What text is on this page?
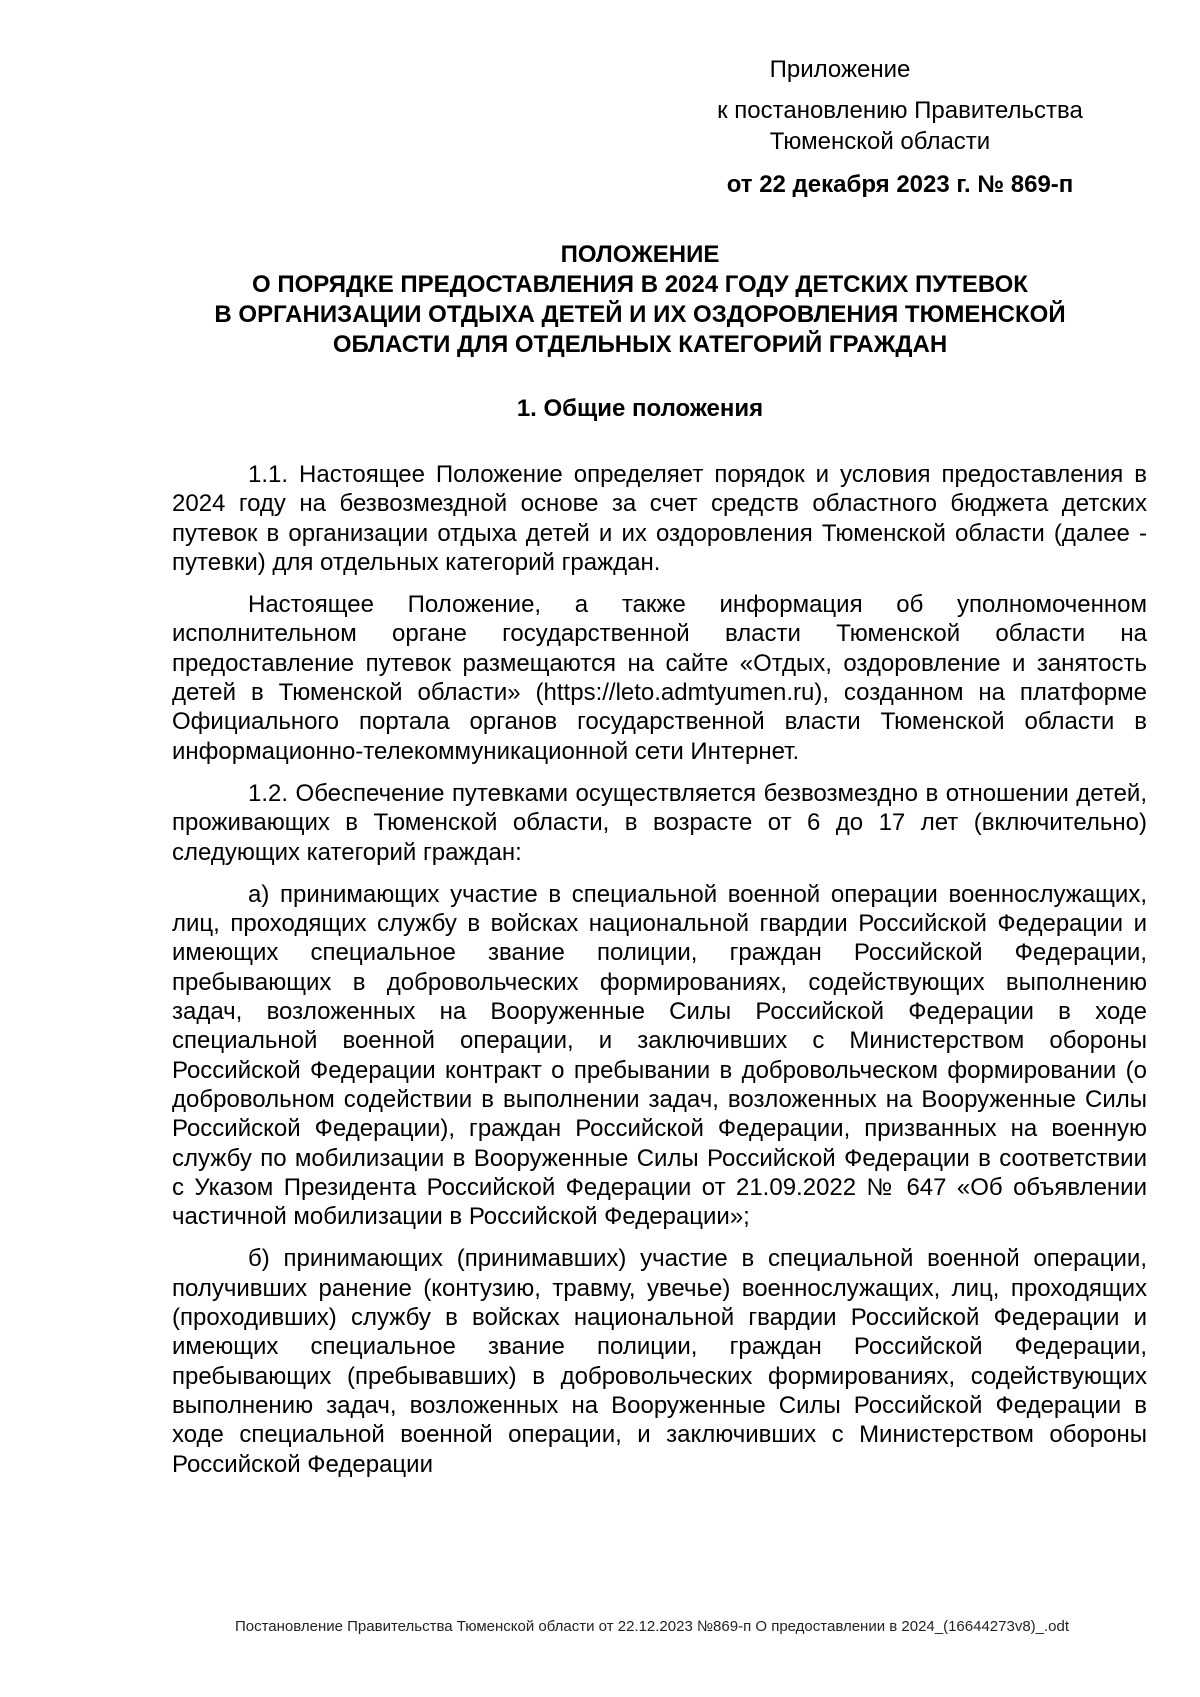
Приложение
к постановлению Правительства
Тюменской области
от 22 декабря 2023 г. № 869-п
ПОЛОЖЕНИЕ
О ПОРЯДКЕ ПРЕДОСТАВЛЕНИЯ В 2024 ГОДУ ДЕТСКИХ ПУТЕВОК
В ОРГАНИЗАЦИИ ОТДЫХА ДЕТЕЙ И ИХ ОЗДОРОВЛЕНИЯ ТЮМЕНСКОЙ
ОБЛАСТИ ДЛЯ ОТДЕЛЬНЫХ КАТЕГОРИЙ ГРАЖДАН
1. Общие положения

1.1. Настоящее Положение определяет порядок и условия предоставления в 2024 году на безвозмездной основе за счет средств областного бюджета детских путевок в организации отдыха детей и их оздоровления Тюменской области (далее - путевки) для отдельных категорий граждан.

Настоящее Положение, а также информация об уполномоченном исполнительном органе государственной власти Тюменской области на предоставление путевок размещаются на сайте «Отдых, оздоровление и занятость детей в Тюменской области» (https://leto.admtyumen.ru), созданном на платформе Официального портала органов государственной власти Тюменской области в информационно-телекоммуникационной сети Интернет.

1.2. Обеспечение путевками осуществляется безвозмездно в отношении детей, проживающих в Тюменской области, в возрасте от 6 до 17 лет (включительно) следующих категорий граждан:

а) принимающих участие в специальной военной операции военнослужащих, лиц, проходящих службу в войсках национальной гвардии Российской Федерации и имеющих специальное звание полиции, граждан Российской Федерации, пребывающих в добровольческих формированиях, содействующих выполнению задач, возложенных на Вооруженные Силы Российской Федерации в ходе специальной военной операции, и заключивших с Министерством обороны Российской Федерации контракт о пребывании в добровольческом формировании (о добровольном содействии в выполнении задач, возложенных на Вооруженные Силы Российской Федерации), граждан Российской Федерации, призванных на военную службу по мобилизации в Вооруженные Силы Российской Федерации в соответствии с Указом Президента Российской Федерации от 21.09.2022 № 647 «Об объявлении частичной мобилизации в Российской Федерации»;

б) принимающих (принимавших) участие в специальной военной операции, получивших ранение (контузию, травму, увечье) военнослужащих, лиц, проходящих (проходивших) службу в войсках национальной гвардии Российской Федерации и имеющих специальное звание полиции, граждан Российской Федерации, пребывающих (пребывавших) в добровольческих формированиях, содействующих выполнению задач, возложенных на Вооруженные Силы Российской Федерации в ходе специальной военной операции, и заключивших с Министерством обороны Российской Федерации

Постановление Правительства Тюменской области от 22.12.2023 №869-п О предоставлении в 2024_(16644273v8)_.odt
